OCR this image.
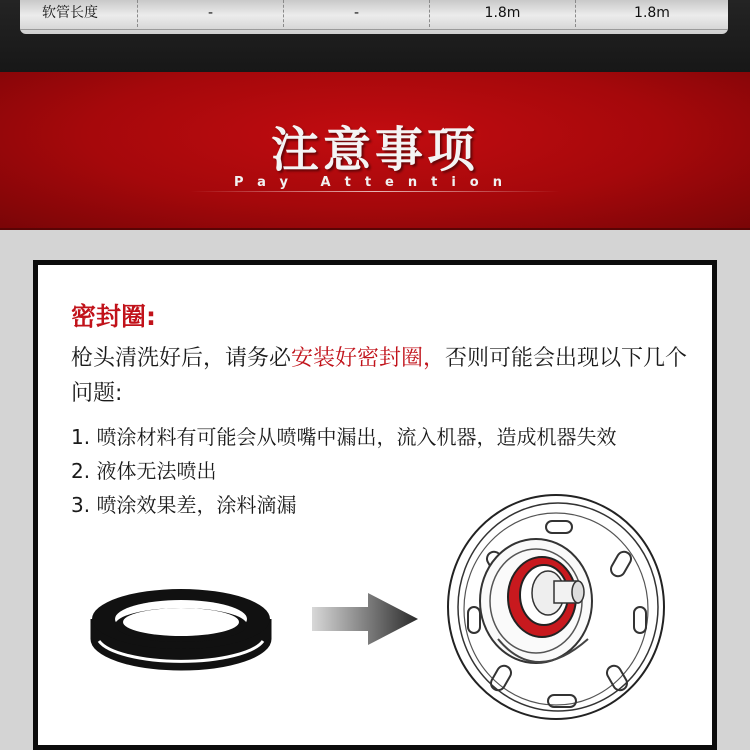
软管长度	-	-	1.8m	1.8m
注意事项
Pay Attention
密封圈:
枪头清洗好后，请务必安装好密封圈，否则可能会出现以下几个问题:
1. 喷涂材料有可能会从喷嘴中漏出，流入机器，造成机器失效
2. 液体无法喷出
3. 喷涂效果差，涂料滴漏
